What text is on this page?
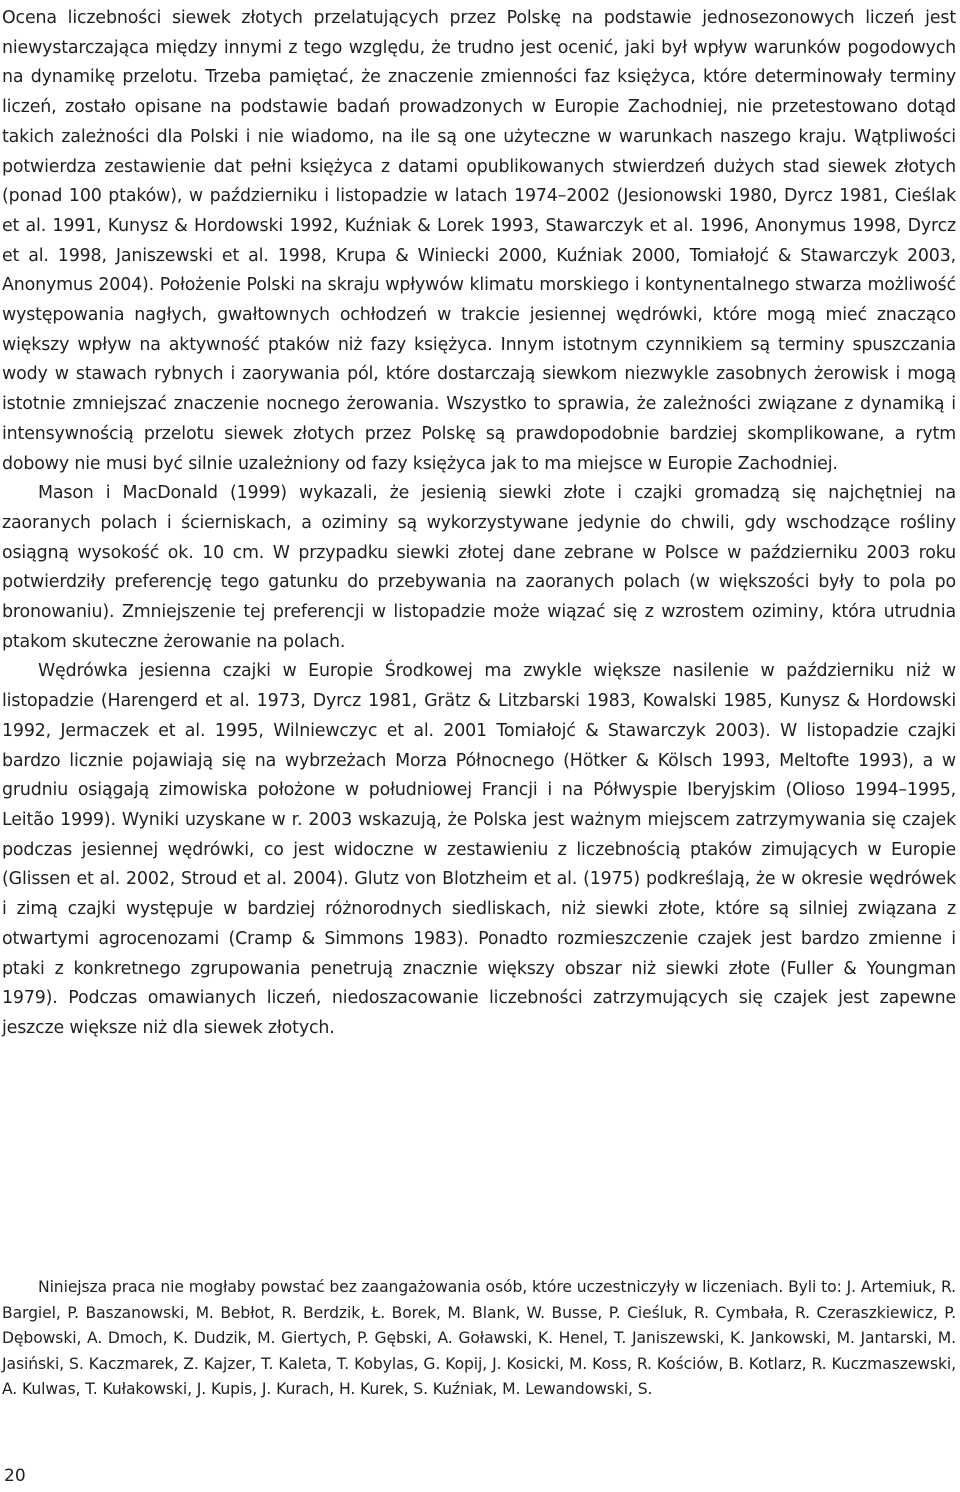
Ocena liczebności siewek złotych przelatujących przez Polskę na podstawie jednosezonowych liczeń jest niewystarczająca między innymi z tego względu, że trudno jest ocenić, jaki był wpływ warunków pogodowych na dynamikę przelotu. Trzeba pamiętać, że znaczenie zmienności faz księżyca, które determinowały terminy liczeń, zostało opisane na podstawie badań prowadzonych w Europie Zachodniej, nie przetestowano dotąd takich zależności dla Polski i nie wiadomo, na ile są one użyteczne w warunkach naszego kraju. Wątpliwości potwierdza zestawienie dat pełni księżyca z datami opublikowanych stwierdzeń dużych stad siewek złotych (ponad 100 ptaków), w październiku i listopadzie w latach 1974–2002 (Jesionowski 1980, Dyrcz 1981, Cieślak et al. 1991, Kunysz & Hordowski 1992, Kuźniak & Lorek 1993, Stawarczyk et al. 1996, Anonymus 1998, Dyrcz et al. 1998, Janiszewski et al. 1998, Krupa & Winiecki 2000, Kuźniak 2000, Tomiałojć & Stawarczyk 2003, Anonymus 2004). Położenie Polski na skraju wpływów klimatu morskiego i kontynentalnego stwarza możliwość występowania nagłych, gwałtownych ochłodzeń w trakcie jesiennej wędrówki, które mogą mieć znacząco większy wpływ na aktywność ptaków niż fazy księżyca. Innym istotnym czynnikiem są terminy spuszczania wody w stawach rybnych i zaorywania pól, które dostarczają siewkom niezwykle zasobnych żerowisk i mogą istotnie zmniejszać znaczenie nocnego żerowania. Wszystko to sprawia, że zależności związane z dynamiką i intensywnością przelotu siewek złotych przez Polskę są prawdopodobnie bardziej skomplikowane, a rytm dobowy nie musi być silnie uzależniony od fazy księżyca jak to ma miejsce w Europie Zachodniej.

Mason i MacDonald (1999) wykazali, że jesienią siewki złote i czajki gromadzą się najchętniej na zaoranych polach i ścierniskach, a oziminy są wykorzystywane jedynie do chwili, gdy wschodzące rośliny osiągną wysokość ok. 10 cm. W przypadku siewki złotej dane zebrane w Polsce w październiku 2003 roku potwierdziły preferencję tego gatunku do przebywania na zaoranych polach (w większości były to pola po bronowaniu). Zmniejszenie tej preferencji w listopadzie może wiązać się z wzrostem oziminy, która utrudnia ptakom skuteczne żerowanie na polach.

Wędrówka jesienna czajki w Europie Środkowej ma zwykle większe nasilenie w październiku niż w listopadzie (Harengerd et al. 1973, Dyrcz 1981, Grätz & Litzbarski 1983, Kowalski 1985, Kunysz & Hordowski 1992, Jermaczek et al. 1995, Wilniewczyc et al. 2001 Tomiałojć & Stawarczyk 2003). W listopadzie czajki bardzo licznie pojawiają się na wybrzeżach Morza Północnego (Hötker & Kölsch 1993, Meltofte 1993), a w grudniu osiągają zimowiska położone w południowej Francji i na Półwyspie Iberyjskim (Olioso 1994–1995, Leitão 1999). Wyniki uzyskane w r. 2003 wskazują, że Polska jest ważnym miejscem zatrzymywania się czajek podczas jesiennej wędrówki, co jest widoczne w zestawieniu z liczebnością ptaków zimujących w Europie (Glissen et al. 2002, Stroud et al. 2004). Glutz von Blotzheim et al. (1975) podkreślają, że w okresie wędrówek i zimą czajki występuje w bardziej różnorodnych siedliskach, niż siewki złote, które są silniej związana z otwartymi agrocenozami (Cramp & Simmons 1983). Ponadto rozmieszczenie czajek jest bardzo zmienne i ptaki z konkretnego zgrupowania penetrują znacznie większy obszar niż siewki złote (Fuller & Youngman 1979). Podczas omawianych liczeń, niedoszacowanie liczebności zatrzymujących się czajek jest zapewne jeszcze większe niż dla siewek złotych.

Niniejsza praca nie mogłaby powstać bez zaangażowania osób, które uczestniczyły w liczeniach. Byli to: J. Artemiuk, R. Bargiel, P. Baszanowski, M. Bebłot, R. Berdzik, Ł. Borek, M. Blank, W. Busse, P. Cieśluk, R. Cymbała, R. Czeraszkiewicz, P. Dębowski, A. Dmoch, K. Dudzik, M. Giertych, P. Gębski, A. Goławski, K. Henel, T. Janiszewski, K. Jankowski, M. Jantarski, M. Jasiński, S. Kaczmarek, Z. Kajzer, T. Kaleta, T. Kobylas, G. Kopij, J. Kosicki, M. Koss, R. Kościów, B. Kotlarz, R. Kuczmaszewski, A. Kulwas, T. Kułakowski, J. Kupis, J. Kurach, H. Kurek, S. Kuźniak, M. Lewandowski, S.

20
